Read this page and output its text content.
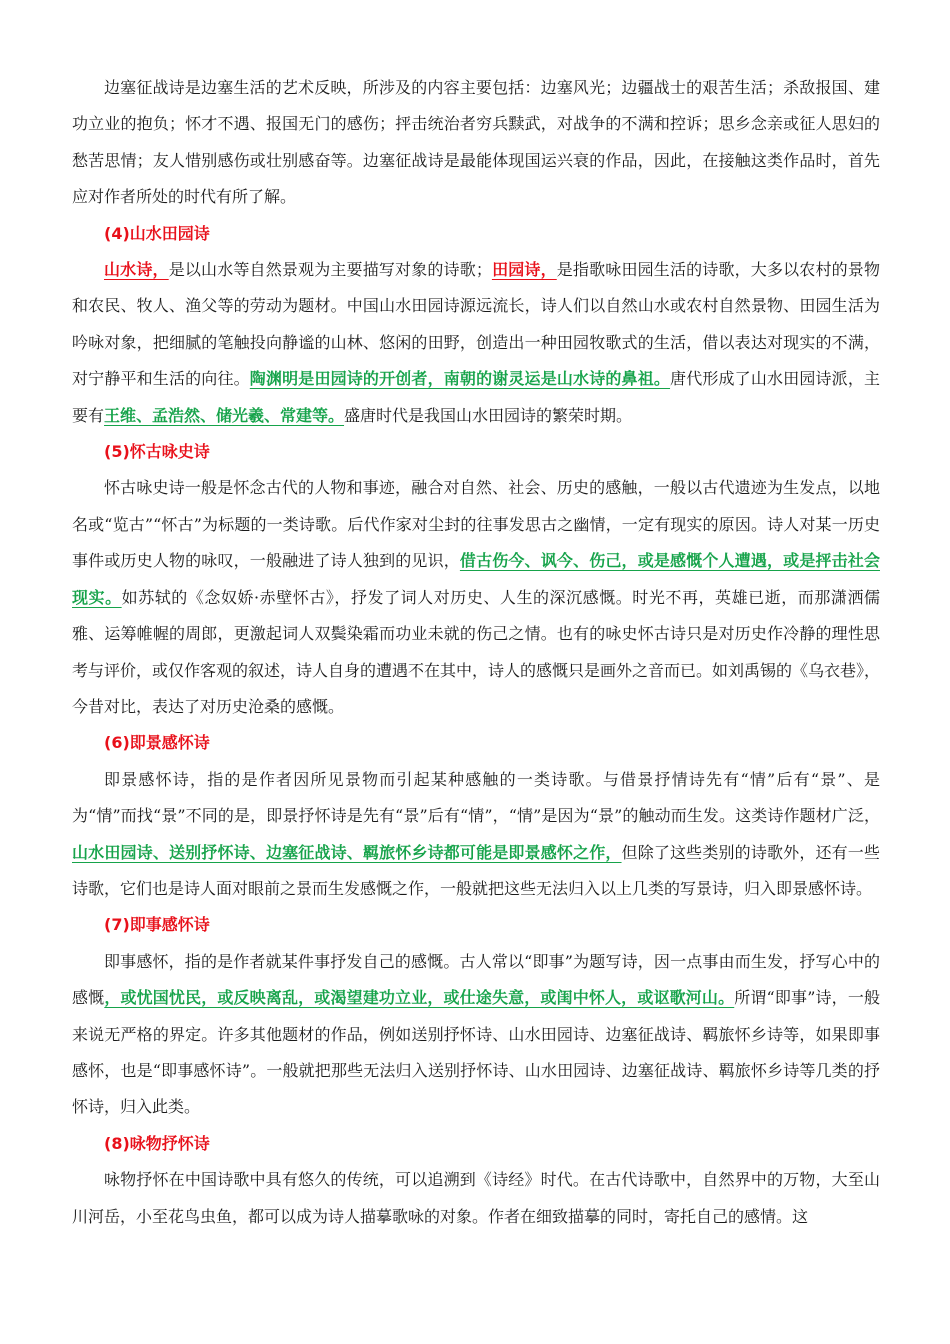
边塞征战诗是边塞生活的艺术反映，所涉及的内容主要包括：边塞风光；边疆战士的艰苦生活；杀敌报国、建功立业的抱负；怀才不遇、报国无门的感伤；抨击统治者穷兵黩武，对战争的不满和控诉；思乡念亲或征人思妇的愁苦思情；友人惜别感伤或壮别感奋等。边塞征战诗是最能体现国运兴衰的作品，因此，在接触这类作品时，首先应对作者所处的时代有所了解。

(4)山水田园诗

山水诗，是以山水等自然景观为主要描写对象的诗歌；田园诗，是指歌咏田园生活的诗歌，大多以农村的景物和农民、牧人、渔父等的劳动为题材。中国山水田园诗源远流长，诗人们以自然山水或农村自然景物、田园生活为吟咏对象，把细腻的笔触投向静谧的山林、悠闲的田野，创造出一种田园牧歌式的生活，借以表达对现实的不满，对宁静平和生活的向往。陶渊明是田园诗的开创者，南朝的谢灵运是山水诗的鼻祖。唐代形成了山水田园诗派，主要有王维、孟浩然、储光羲、常建等。盛唐时代是我国山水田园诗的繁荣时期。

(5)怀古咏史诗

怀古咏史诗一般是怀念古代的人物和事迹，融合对自然、社会、历史的感触，一般以古代遗迹为生发点，以地名或“览古”“怀古”为标题的一类诗歌。后代作家对尘封的往事发思古之幽情，一定有现实的原因。诗人对某一历史事件或历史人物的咏叹，一般融进了诗人独到的见识，借古伤今、讽今、伤己，或是感慨个人遭遇，或是抨击社会现实。如苏轼的《念奴娇·赤壁怀古》，抒发了词人对历史、人生的深沉感慨。时光不再，英雄已逝，而那潇洒儒雅、运筹帷幄的周郎，更激起词人双鬓染霜而功业未就的伤己之情。也有的咏史怀古诗只是对历史作冷静的理性思考与评价，或仅作客观的叙述，诗人自身的遭遇不在其中，诗人的感慨只是画外之音而已。如刘禹锡的《乌衣巷》，今昔对比，表达了对历史沧桑的感慨。

(6)即景感怀诗

即景感怀诗，指的是作者因所见景物而引起某种感触的一类诗歌。与借景抒情诗先有“情”后有“景”、是为“情”而找“景”不同的是，即景抒怀诗是先有“景”后有“情”，“情”是因为“景”的触动而生发。这类诗作题材广泛，山水田园诗、送别抒怀诗、边塞征战诗、羁旅怀乡诗都可能是即景感怀之作，但除了这些类别的诗歌外，还有一些诗歌，它们也是诗人面对眼前之景而生发感慨之作，一般就把这些无法归入以上几类的写景诗，归入即景感怀诗。

(7)即事感怀诗

即事感怀，指的是作者就某件事抒发自己的感慨。古人常以“即事”为题写诗，因一点事由而生发，抒写心中的感慨，或忧国忧民，或反映离乱，或渴望建功立业，或仕途失意，或闺中怀人，或讴歌河山。所谓“即事”诗，一般来说无严格的界定。许多其他题材的作品，例如送别抒怀诗、山水田园诗、边塞征战诗、羁旅怀乡诗等，如果即事感怀，也是“即事感怀诗”。一般就把那些无法归入送别抒怀诗、山水田园诗、边塞征战诗、羁旅怀乡诗等几类的抒怀诗，归入此类。

(8)咏物抒怀诗

咏物抒怀在中国诗歌中具有悠久的传统，可以追溯到《诗经》时代。在古代诗歌中，自然界中的万物，大至山川河岳，小至花鸟虫鱼，都可以成为诗人描摹歌咏的对象。作者在细致描摹的同时，寄托自己的感情。这
